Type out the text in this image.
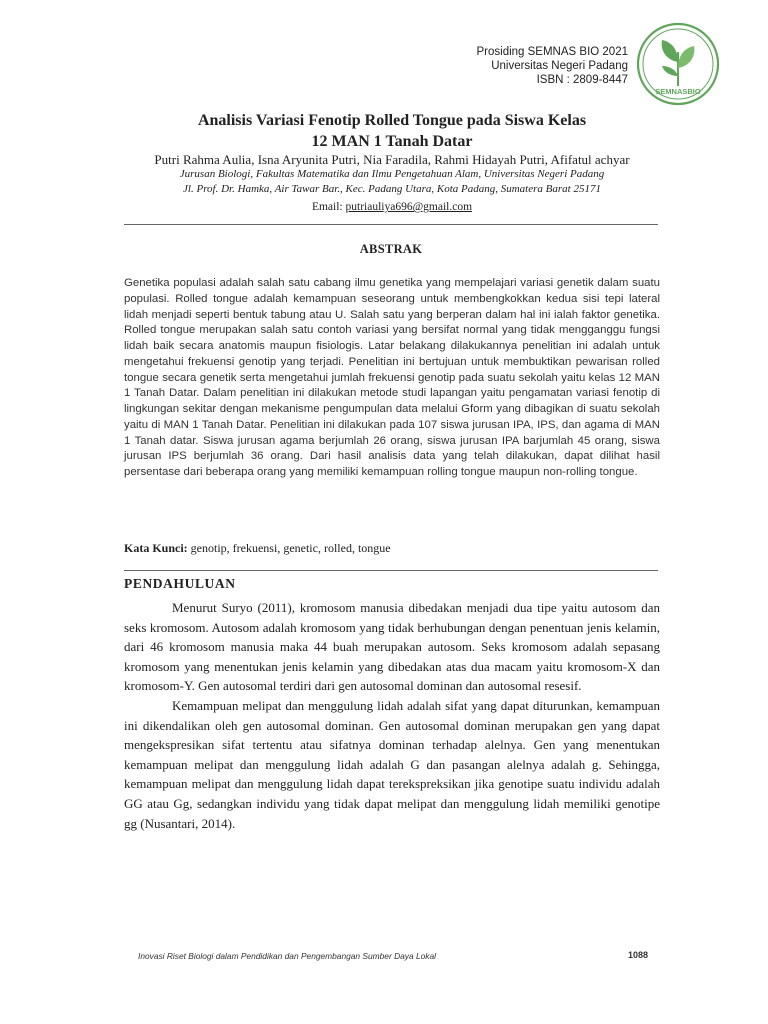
Prosiding SEMNAS BIO 2021
Universitas Negeri Padang
ISBN : 2809-8447
SEMNASBIO
Analisis Variasi Fenotip Rolled Tongue pada Siswa Kelas
12 MAN 1 Tanah Datar
Putri Rahma Aulia, Isna Aryunita Putri, Nia Faradila, Rahmi Hidayah Putri, Afifatul achyar
Jurusan Biologi, Fakultas Matematika dan Ilmu Pengetahuan Alam, Universitas Negeri Padang
Jl. Prof. Dr. Hamka, Air Tawar Bar., Kec. Padang Utara, Kota Padang, Sumatera Barat 25171
Email: putriauliya696@gmail.com
ABSTRAK

Genetika populasi adalah salah satu cabang ilmu genetika yang mempelajari variasi genetik dalam suatu populasi. Rolled tongue adalah kemampuan seseorang untuk membengkokkan kedua sisi tepi lateral lidah menjadi seperti bentuk tabung atau U. Salah satu yang berperan dalam hal ini ialah faktor genetika. Rolled tongue merupakan salah satu contoh variasi yang bersifat normal yang tidak mengganggu fungsi lidah baik secara anatomis maupun fisiologis. Latar belakang dilakukannya penelitian ini adalah untuk mengetahui frekuensi genotip yang terjadi. Penelitian ini bertujuan untuk membuktikan pewarisan rolled tongue secara genetik serta mengetahui jumlah frekuensi genotip pada suatu sekolah yaitu kelas 12 MAN 1 Tanah Datar. Dalam penelitian ini dilakukan metode studi lapangan yaitu pengamatan variasi fenotip di lingkungan sekitar dengan mekanisme pengumpulan data melalui Gform yang dibagikan di suatu sekolah yaitu di MAN 1 Tanah Datar. Penelitian ini dilakukan pada 107 siswa jurusan IPA, IPS, dan agama di MAN 1 Tanah datar. Siswa jurusan agama berjumlah 26 orang, siswa jurusan IPA barjumlah 45 orang, siswa jurusan IPS berjumlah 36 orang. Dari hasil analisis data yang telah dilakukan, dapat dilihat hasil persentase dari beberapa orang yang memiliki kemampuan rolling tongue maupun non-rolling tongue.

Kata Kunci: genotip, frekuensi, genetic, rolled, tongue
PENDAHULUAN

Menurut Suryo (2011), kromosom manusia dibedakan menjadi dua tipe yaitu autosom dan seks kromosom. Autosom adalah kromosom yang tidak berhubungan dengan penentuan jenis kelamin, dari 46 kromosom manusia maka 44 buah merupakan autosom. Seks kromosom adalah sepasang kromosom yang menentukan jenis kelamin yang dibedakan atas dua macam yaitu kromosom-X dan kromosom-Y. Gen autosomal terdiri dari gen autosomal dominan dan autosomal resesif.

Kemampuan melipat dan menggulung lidah adalah sifat yang dapat diturunkan, kemampuan ini dikendalikan oleh gen autosomal dominan. Gen autosomal dominan merupakan gen yang dapat mengekspresikan sifat tertentu atau sifatnya dominan terhadap alelnya. Gen yang menentukan kemampuan melipat dan menggulung lidah adalah G dan pasangan alelnya adalah g. Sehingga, kemampuan melipat dan menggulung lidah dapat terekspreksikan jika genotipe suatu individu adalah GG atau Gg, sedangkan individu yang tidak dapat melipat dan menggulung lidah memiliki genotipe gg (Nusantari, 2014).

Inovasi Riset Biologi dalam Pendidikan dan Pengembangan Sumber Daya Lokal	1088
